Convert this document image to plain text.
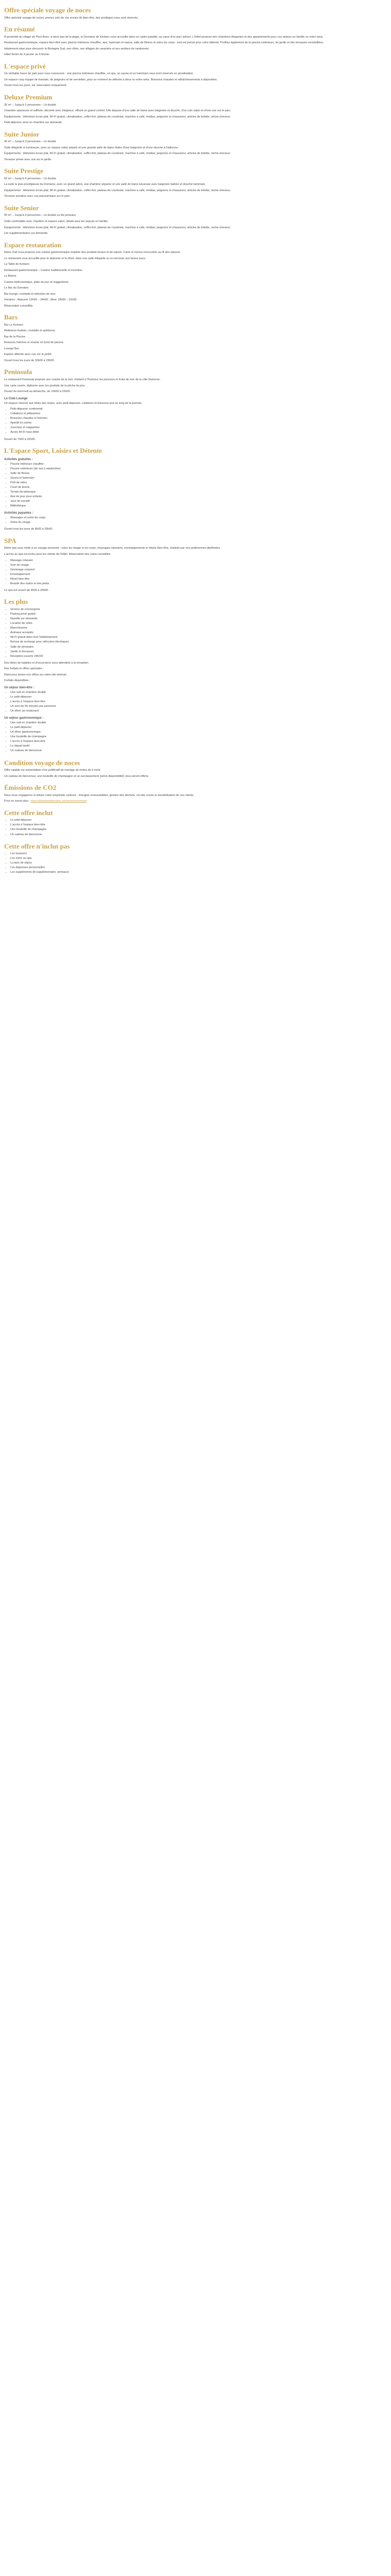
Offre spéciale voyage de noces

Offre spéciale voyage de noces, prenez soin de vos envies de bien-être, des privilèges vous sont réservés.

En résumé

À proximité du village de Pont-Aven, à deux pas de la plage, le Domaine de Kerlann vous accueille dans un cadre paisible, au cœur d'un parc arboré. L'hôtel propose des chambres élégantes et des appartements pour vos séjours en famille ou entre amis.

Restaurant gastronomique, espace bien-être avec piscine intérieure chauffée, spa, hammam et sauna, salle de fitness et soins du corps : tout est pensé pour votre détente. Profitez également de la piscine extérieure, du jardin et des terrasses ensoleillées.

Idéalement situé pour découvrir la Bretagne Sud, ses côtes, ses villages de caractère et ses sentiers de randonnée.

Hôtel fermé du 4 janvier au 4 février.

L'espace privé

Un véritable havre de paix pour vous ressourcer : une piscine intérieure chauffée, un spa, un sauna et un hammam vous sont réservés en privatisation.

Un espace cosy équipé de transats, de peignoirs et de serviettes, pour un moment de détente à deux ou entre amis. Boissons chaudes et rafraîchissements à disposition.

Ouvert tous les jours, sur réservation uniquement.

Deluxe Premium

35 m² – Jusqu'à 2 personnes – Lit double

Chambre spacieuse et raffinée, décorée avec élégance, offrant un grand confort. Elle dispose d'une salle de bains avec baignoire et douche, d'un coin salon et d'une vue sur le parc.

Équipements : télévision écran plat, Wi-Fi gratuit, climatisation, coffre-fort, plateau de courtoisie, machine à café, minibar, peignoirs et chaussons, articles de toilette, sèche-cheveux.

Petit-déjeuner servi en chambre sur demande.

Suite Junior

45 m² – Jusqu'à 3 personnes – Lit double

Suite élégante et lumineuse, avec un espace salon séparé et une grande salle de bains dotée d'une baignoire et d'une douche à l'italienne.

Équipements : télévision écran plat, Wi-Fi gratuit, climatisation, coffre-fort, plateau de courtoisie, machine à café, minibar, peignoirs et chaussons, articles de toilette, sèche-cheveux.

Terrasse privée avec vue sur le jardin.

Suite Prestige

60 m² – Jusqu'à 4 personnes – Lit double

La suite la plus prestigieuse du Domaine, avec un grand salon, une chambre séparée et une salle de bains luxueuse avec baignoire balnéo et douche hammam.

Équipements : télévision écran plat, Wi-Fi gratuit, climatisation, coffre-fort, plateau de courtoisie, machine à café, minibar, peignoirs et chaussons, articles de toilette, sèche-cheveux.

Terrasse privative avec vue panoramique sur le parc.

Suite Senior

55 m² – Jusqu'à 4 personnes – Lit double ou lits jumeaux

Suite confortable avec chambre et espace salon, idéale pour les séjours en famille.

Équipements : télévision écran plat, Wi-Fi gratuit, climatisation, coffre-fort, plateau de courtoisie, machine à café, minibar, peignoirs et chaussons, articles de toilette, sèche-cheveux.

Lits supplémentaires sur demande.

Espace restauration

Notre chef vous propose une cuisine gastronomique inspirée des produits locaux et de saison. Carte et menus renouvelés au fil des saisons.

Le restaurant vous accueille pour le déjeuner et le dîner, dans une salle élégante ou en terrasse aux beaux jours.

La Table de Kerlann

Restaurant gastronomique – Cuisine traditionnelle et inventive.

Le Bistrot

Cuisine bistronomique, plats du jour et suggestions.

Le Bar du Domaine

Bar lounge, cocktails et sélection de vins.

Horaires : déjeuner 12h00 – 14h00 ; dîner 19h00 – 21h30.

Réservation conseillée.

Bars

Bar Le Kerlann

Ambiance feutrée, cocktails et spiritueux.

Bar de la Piscine

Boissons fraîches et snacks en bord de piscine.

Lounge Bar

Espace détente avec vue sur le jardin.

Ouvert tous les jours de 10h00 à 23h00.

Peninsula

Le restaurant Peninsula propose une cuisine de la mer, mettant à l'honneur les poissons et fruits de mer de la côte bretonne.

Une carte courte, élaborée avec les produits de la pêche du jour.

Ouvert du mercredi au dimanche, de 19h00 à 22h00.

Le Club Lounge

Un espace réservé aux hôtes des suites, avec petit-déjeuner, collations et boissons tout au long de la journée.

• Petit-déjeuner continental
• Collations et pâtisseries
• Boissons chaudes et fraîches
• Apéritif en soirée
• Journaux et magazines
• Accès Wi-Fi haut débit

Ouvert de 7h00 à 22h00.

L'Espace Sport, Loisirs et Détente
Activités gratuites :
• Piscine intérieure chauffée
• Piscine extérieure (de mai à septembre)
• Salle de fitness
• Sauna et hammam
• Prêt de vélos
• Court de tennis
• Terrain de pétanque
• Aire de jeux pour enfants
• Jeux de société
• Bibliothèque
Activités payantes :
• Massages et soins du corps
• Soins du visage

Ouvert tous les jours de 8h00 à 20h00.

SPA

Notre spa vous invite à un voyage sensoriel : soins du visage et du corps, massages relaxants, enveloppements et rituels bien-être, réalisés par nos praticiennes diplômées.

L'accès au spa est inclus pour les clients de l'hôtel. Réservation des soins conseillée.

• Massage relaxant
• Soin du visage
• Gommage corporel
• Enveloppement
• Rituel bien-être
• Beauté des mains et des pieds

Le spa est ouvert de 9h00 à 20h00.

Les plus
• Service de conciergerie
• Parking privé gratuit
• Navette sur demande
• Location de vélos
• Blanchisserie
• Animaux acceptés
• Wi-Fi gratuit dans tout l'établissement
• Bornes de recharge pour véhicules électriques
• Salle de séminaire
• Jardin et terrasses
• Réception ouverte 24h/24

Des idées de balades et d'excursions vous attendent à la réception.

Nos forfaits et offres spéciales :

Retrouvez toutes nos offres sur notre site internet.

Forfaits disponibles :

Un séjour bien-être :
• Une nuit en chambre double
• Le petit-déjeuner
• L'accès à l'espace bien-être
• Un soin de 50 minutes par personne
• Un dîner au restaurant
Un séjour gastronomique :
• Une nuit en chambre double
• Le petit-déjeuner
• Un dîner gastronomique
• Une bouteille de champagne
• L'accès à l'espace bien-être
• Le départ tardif
• Un cadeau de bienvenue
Condition voyage de noces

Offre valable sur présentation d'un justificatif de mariage de moins de 6 mois.

Un cadeau de bienvenue, une bouteille de champagne et un surclassement (selon disponibilité) vous seront offerts.

Émissions de CO2

Nous nous engageons à réduire notre empreinte carbone : énergies renouvelables, gestion des déchets, circuits courts et sensibilisation de nos clients.

Pour en savoir plus : www.domainedekerlann.com/environnement

Cette offre inclut
• Le petit-déjeuner
• L'accès à l'espace bien-être
• Une bouteille de champagne
• Un cadeau de bienvenue
Cette offre n'inclut pas
• Les boissons
• Les soins au spa
• La taxe de séjour
• Les dépenses personnelles
• Les suppléments (lit supplémentaire, animaux)
